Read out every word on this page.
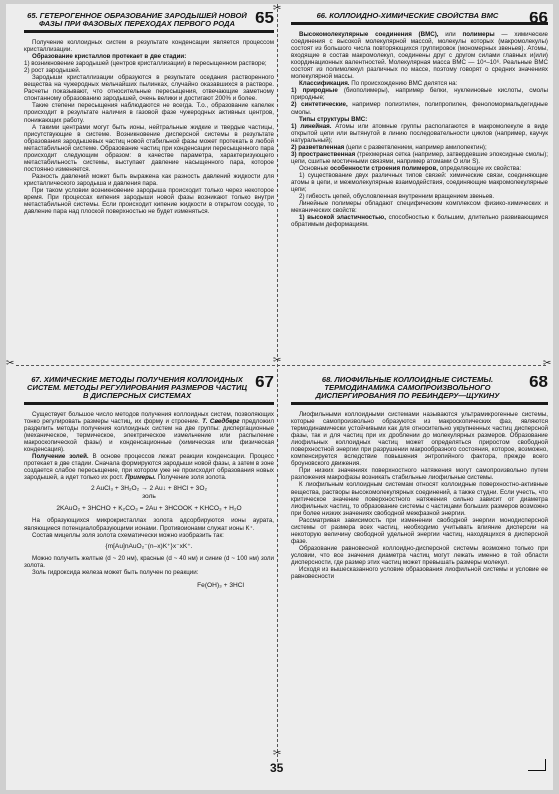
✂	✂
✂
✂
✂
65. ГЕТЕРОГЕННОЕ ОБРАЗОВАНИЕ ЗАРОДЫШЕЙ НОВОЙ ФАЗЫ ПРИ ФАЗОВЫХ ПЕРЕХОДАХ ПЕРВОГО РОДА	65

Получение коллоидных систем в результате конденсации является процессом кристаллизации.

Образование кристаллов протекает в две стадии:

1) возникновение зародышей (центров кристаллизации) в пересыщенном растворе;

2) рост зародышей.

Зародыши кристаллизации образуются в результате оседания растворенного вещества на чужеродных мельчайших пылинках, случайно оказавшихся в растворе. Расчеты показывают, что относительные пересыщения, отвечающие заметному спонтанному образованию зародышей, очень велики и достигают 200% и более.

Такие степени пересыщения наблюдаются не всегда. Т.о., образование капелек происходит в результате наличия в газовой фазе чужеродных активных центров, понижающих работу.

А такими центрами могут быть ионы, нейтральные жидкие и твердые частицы, присутствующие в системе. Возникновение дисперсной системы в результате образования зародышевых частиц новой стабильной фазы может протекать в любой метастабильной системе. Образование частиц при конденсации пересыщенного пара происходит следующим образом: в качестве параметра, характеризующего метастабильность системы, выступает давление насыщенного пара, которое постоянно изменяется.

Разность давлений может быть выражена как разность давлений жидкости для кристаллического зародыша и давления пара.

При таком условии возникновение зародыша происходит только через некоторое время. При процессах кипения зародыши новой фазы возникают только внутри метастабильной системы. Если происходит кипение жидкости в открытом сосуде, то давление пара над плоской поверхностью не будет изменяться.

66. КОЛЛОИДНО-ХИМИЧЕСКИЕ СВОЙСТВА ВМС	66

Высокомолекулярные соединения (ВМС), или полимеры — химические соединения с высокой молекулярной массой, молекулы которых (макромолекулы) состоят из большого числа повторяющихся группировок (мономерных звеньев). Атомы, входящие в состав макромолекул, соединены друг с другом силами главных и(или) координационных валентностей. Молекулярная масса ВМС — 10⁴–10⁶. Реальные ВМС состоят из полимолекул различных по массе, поэтому говорят о средних значениях молекулярной массы.

Классификация. По происхождению ВМС делятся на:

1) природные (биополимеры), например белки, нуклеиновые кислоты, смолы природные;

2) синтетические, например полиэтилен, полипропилен, феноломормальдегидные смолы.

Типы структуры ВМС:

1) линейная. Атомы или атомные группы располагаются в макромолекуле в виде открытой цепи или вытянутой в линию последовательности циклов (например, каучук натуральный);

2) разветвленная (цепи с разветвлением, например амилопектин);

3) пространственная (трехмерная сетка (например, затвердевшие эпоксидные смолы); цепи, сшитые мостичными связями, например атомами O или S).

Основные особенности строения полимеров, определяющие их свойства:

1) существование двух различных типов связей: химические связи, соединяющие атомы в цепи, и межмолекулярные взаимодействия, соединяющие макромолекулярные цепи;

2) гибкость цепей, обусловленная внутренним вращением звеньев.

Линейные полимеры обладают специфическим комплексом физико-химических и механических свойств:

1) высокой эластичностью, способностью к большим, длительно развивающимся обратимым деформациям.

67. ХИМИЧЕСКИЕ МЕТОДЫ ПОЛУЧЕНИЯ КОЛЛОИДНЫХ СИСТЕМ. МЕТОДЫ РЕГУЛИРОВАНИЯ РАЗМЕРОВ ЧАСТИЦ В ДИСПЕРСНЫХ СИСТЕМАХ
67

Существует большое число методов получения коллоидных систем, позволяющих тонко регулировать размеры частиц, их форму и строение. Т. Сведберг предложил разделить методы получения коллоидных систем на две группы: диспергационные (механическое, термическое, электрическое измельчение или распыление макроскопической фазы) и конденсационные (химическая или физическая конденсация).

Получение золей. В основе процессов лежат реакции конденсации. Процесс протекает в две стадии. Сначала формируются зародыши новой фазы, а затем в зоне создается слабое пересыщение, при котором уже не происходит образования новых зародышей, а идет только их рост. Примеры. Получение золя золота.

2 AuCl₃ + 3H₂O₂ → 2 Au↓ + 8HCl + 3O₂
золь

2KAuO₂ + 3HCHO + K₂CO₃ = 2Au + 3HCOOK + KHCO₃ + H₂O

На образующихся микрокристаллах золота адсорбируются ионы аурата, являющиеся потенциалобразующими ионами. Противоионами служат ионы K⁺.

Состав мицеллы золя золота схематически можно изобразить так:

{m[Au]nAuO₂⁻(n–x)K⁺}x⁻xK⁺.

Можно получить желтые (d ~ 20 нм), красные (d ~ 40 нм) и синие (d ~ 100 нм) золи золота.

Золь гидроксида железа может быть получен по реакции:

Fe(OH)₃ + 3HCl

68. ЛИОФИЛЬНЫЕ КОЛЛОИДНЫЕ СИСТЕМЫ. ТЕРМОДИНАМИКА САМОПРОИЗВОЛЬНОГО ДИСПЕРГИРОВАНИЯ ПО РЕБИНДЕРУ—ЩУКИНУ
68

Лиофильными коллоидными системами называются ультрамикрогенные системы, которые самопроизвольно образуются из макроскопических фаз, являются термодинамически устойчивыми как для относительно укрупненных частиц дисперсной фазы, так и для частиц при их дроблении до молекулярных размеров. Образование лиофильных коллоидных частиц может определяться приростом свободной поверхностной энергии при разрушении макрообразного состояния, которое, возможно, компенсируется вследствие повышения энтропийного фактора, прежде всего броуновского движения.

При низких значениях поверхностного натяжения могут самопроизвольно путем разложения макрофазы возникать стабильные лиофильные системы.

К лиофильным коллоидным системам относят коллоидные поверхностно-активные вещества, растворы высокомолекулярных соединений, а также студни. Если учесть, что критическое значение поверхностного натяжения сильно зависит от диаметра лиофильных частиц, то образование системы с частицами больших размеров возможно при более низких значениях свободной межфазной энергии.

Рассматривая зависимость при изменении свободной энергии монодисперсной системы от размера всех частиц, необходимо учитывать влияние дисперсии на некоторую величину свободной удельной энергии частиц, находящихся в дисперсной фазе.

Образование равновесной коллоидно-дисперсной системы возможно только при условии, что все значения диаметра частиц могут лежать именно в той области дисперсности, где размер этих частиц может превышать размеры молекул.

Исходя из вышесказанного условие образования лиофильной системы и условие ее равновесности

35
